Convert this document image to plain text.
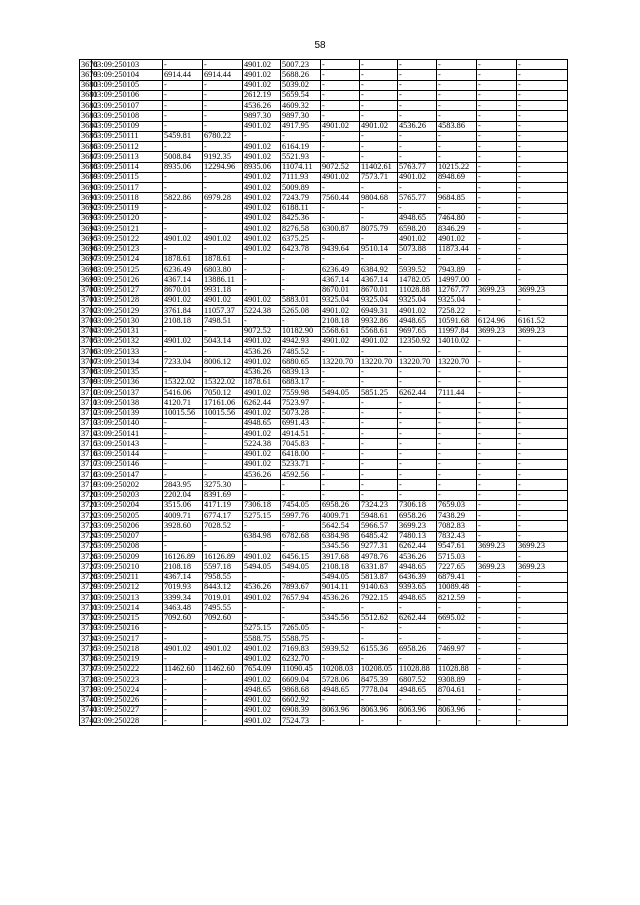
58
3678	03:09:250103	-	-	4901.02	5007.23	-	-	-	-	-	-
3679	03:09:250104	6914.44	6914.44	4901.02	5688.26	-	-	-	-	-	-
3680	03:09:250105	-	-	4901.02	5039.02	-	-	-	-	-	-
3681	03:09:250106	-	-	2612.19	5659.54	-	-	-	-	-	-
3682	03:09:250107	-	-	4536.26	4609.32	-	-	-	-	-	-
3683	03:09:250108	-	-	9897.30	9897.30	-	-	-	-	-	-
3684	03:09:250109	-	-	4901.02	4917.95	4901.02	4901.02	4536.26	4583.86	-	-
3685	03:09:250111	5459.81	6780.22	-	-	-	-	-	-	-	-
3686	03:09:250112	-	-	4901.02	6164.19	-	-	-	-	-	-
3687	03:09:250113	5008.84	9192.35	4901.02	5521.93	-	-	-	-	-	-
3688	03:09:250114	8935.06	12294.96	8935.06	11074.11	9072.52	11402.61	5763.77	10215.22	-	-
3689	03:09:250115	-	-	4901.02	7111.93	4901.02	7573.71	4901.02	8948.69	-	-
3690	03:09:250117	-	-	4901.02	5009.89	-	-	-	-	-	-
3691	03:09:250118	5822.86	6979.28	4901.02	7243.79	7560.44	9804.68	5765.77	9684.85	-	-
3692	03:09:250119	-	-	4901.02	6188.11	-	-	-	-	-	-
3693	03:09:250120	-	-	4901.02	8425.36	-	-	4948.65	7464.80	-	-
3694	03:09:250121	-	-	4901.02	8276.58	6300.87	8075.79	6598.20	8346.29	-	-
3695	03:09:250122	4901.02	4901.02	4901.02	6375.25	-	-	4901.02	4901.02	-	-
3696	03:09:250123	-	-	4901.02	6423.78	9439.64	9510.14	5073.88	11873.44	-	-
3697	03:09:250124	1878.61	1878.61	-	-	-	-	-	-	-	-
3698	03:09:250125	6236.49	6803.80	-	-	6236.49	6384.92	5939.52	7943.89	-	-
3699	03:09:250126	4367.14	13886.11	-	-	4367.14	4367.14	14782.05	14997.00	-	-
3700	03:09:250127	8670.01	9931.18	-	-	8670.01	8670.01	11028.88	12767.77	3699.23	3699.23
3701	03:09:250128	4901.02	4901.02	4901.02	5883.01	9325.04	9325.04	9325.04	9325.04	-	-
3702	03:09:250129	3761.84	11057.37	5224.38	5265.08	4901.02	6949.31	4901.02	7258.22	-	-
3703	03:09:250130	2108.18	7498.51	-	-	2108.18	9932.86	4948.65	10591.68	6124.96	6161.52
3704	03:09:250131	-	-	9072.52	10182.90	5568.61	5568.61	9697.65	11997.84	3699.23	3699.23
3705	03:09:250132	4901.02	5043.14	4901.02	4942.93	4901.02	4901.02	12350.92	14010.02	-	-
3706	03:09:250133	-	-	4536.26	7485.52	-	-	-	-	-	-
3707	03:09:250134	7233.04	8006.12	4901.02	6880.65	13220.70	13220.70	13220.70	13220.70	-	-
3708	03:09:250135	-	-	4536.26	6839.13	-	-	-	-	-	-
3709	03:09:250136	15322.02	15322.02	1878.61	6883.17	-	-	-	-	-	-
3710	03:09:250137	5416.06	7050.12	4901.02	7559.98	5494.05	5851.25	6262.44	7111.44	-	-
3711	03:09:250138	4120.71	17161.06	6262.44	7523.97	-	-	-	-	-	-
3712	03:09:250139	10015.56	10015.56	4901.02	5073.28	-	-	-	-	-	-
3713	03:09:250140	-	-	4948.65	6991.43	-	-	-	-	-	-
3714	03:09:250141	-	-	4901.02	4914.51	-	-	-	-	-	-
3715	03:09:250143	-	-	5224.38	7045.83	-	-	-	-	-	-
3716	03:09:250144	-	-	4901.02	6418.00	-	-	-	-	-	-
3717	03:09:250146	-	-	4901.02	5233.71	-	-	-	-	-	-
3718	03:09:250147	-	-	4536.26	4592.56	-	-	-	-	-	-
3719	03:09:250202	2843.95	3275.30	-	-	-	-	-	-	-	-
3720	03:09:250203	2202.04	8391.69	-	-	-	-	-	-	-	-
3721	03:09:250204	3515.06	4171.19	7306.18	7454.05	6958.26	7324.23	7306.18	7659.03	-	-
3722	03:09:250205	4009.71	6774.17	5275.15	5997.76	4009.71	5948.61	6958.26	7438.29	-	-
3723	03:09:250206	3928.60	7028.52	-	-	5642.54	5966.57	3699.23	7082.83	-	-
3724	03:09:250207	-	-	6384.98	6782.68	6384.98	6485.42	7480.13	7832.43	-	-
3725	03:09:250208	-	-	-	-	5345.56	9277.31	6262.44	9547.61	3699.23	3699.23
3726	03:09:250209	16126.89	16126.89	4901.02	6456.15	3917.68	4978.76	4536.26	5715.03	-	-
3727	03:09:250210	2108.18	5597.18	5494.05	5494.05	2108.18	6331.87	4948.65	7227.65	3699.23	3699.23
3728	03:09:250211	4367.14	7958.55	-	-	5494.05	5813.87	6436.39	6879.41	-	-
3729	03:09:250212	7019.93	8443.12	4536.26	7893.67	9014.11	9140.63	9393.65	10089.48	-	-
3730	03:09:250213	3399.34	7019.01	4901.02	7657.94	4536.26	7922.15	4948.65	8212.59	-	-
3731	03:09:250214	3463.48	7495.55	-	-	-	-	-	-	-	-
3732	03:09:250215	7092.60	7092.60	-	-	5345.56	5512.62	6262.44	6695.02	-	-
3733	03:09:250216	-	-	5275.15	7265.05	-	-	-	-	-	-
3734	03:09:250217	-	-	5588.75	5588.75	-	-	-	-	-	-
3735	03:09:250218	4901.02	4901.02	4901.02	7169.83	5939.52	6155.36	6958.26	7469.97	-	-
3736	03:09:250219	-	-	4901.02	6232.70	-	-	-	-	-	-
3737	03:09:250222	11462.60	11462.60	7654.09	11090.45	10208.03	10208.05	11028.88	11028.88	-	-
3738	03:09:250223	-	-	4901.02	6609.04	5728.06	8475.39	6807.52	9308.89	-	-
3739	03:09:250224	-	-	4948.65	9868.68	4948.65	7778.04	4948.65	8704.61	-	-
3740	03:09:250226	-	-	4901.02	6602.92	-	-	-	-	-	-
3741	03:09:250227	-	-	4901.02	6908.39	8063.96	8063.96	8063.96	8063.96	-	-
3742	03:09:250228	-	-	4901.02	7524.73	-	-	-	-	-	-
